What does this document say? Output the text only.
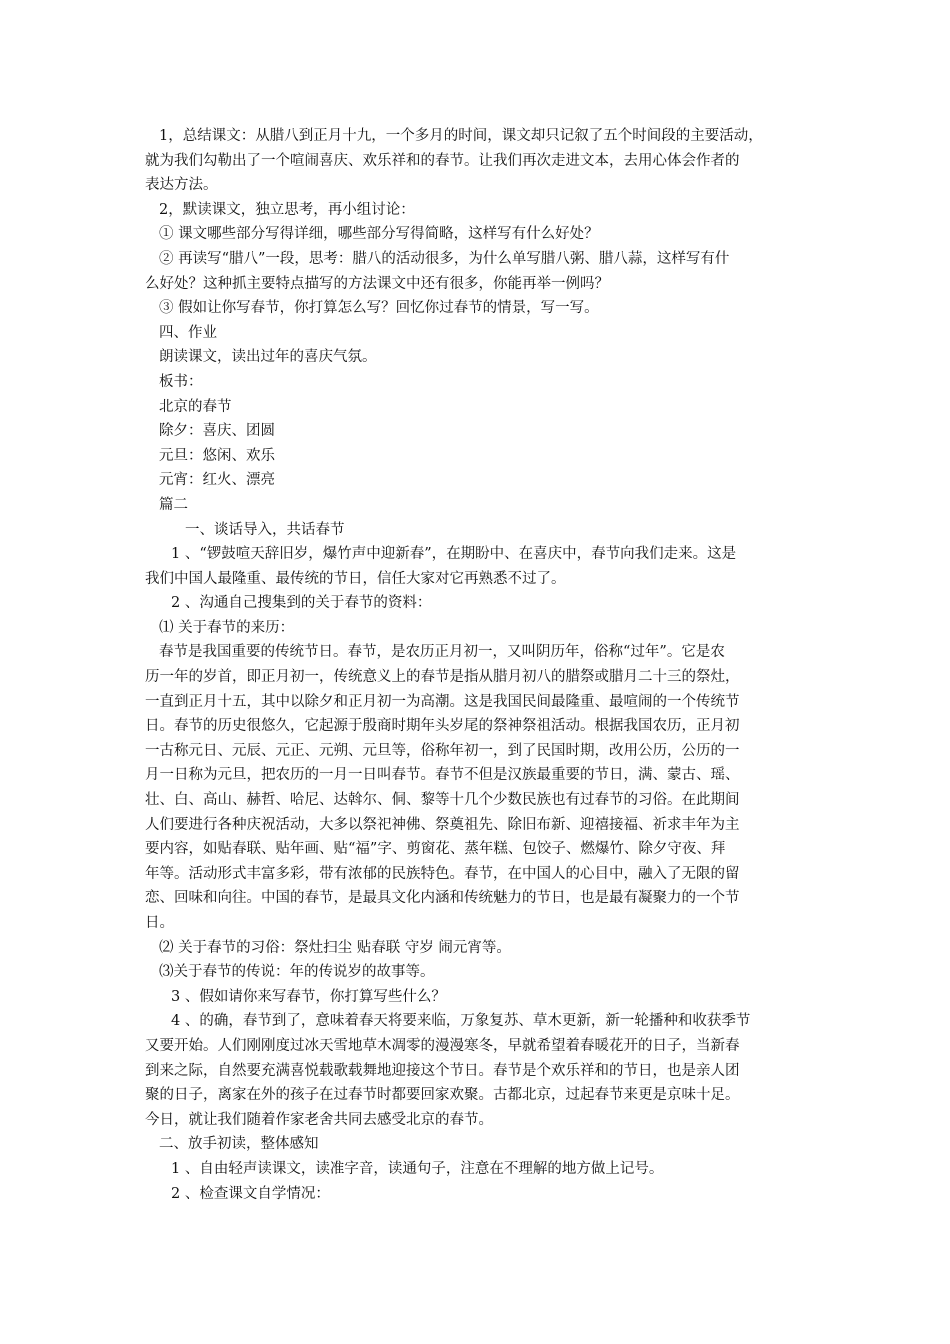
1，总结课文：从腊八到正月十九，一个多月的时间，课文却只记叙了五个时间段的主要活动，
就为我们勾勒出了一个喧闹喜庆、欢乐祥和的春节。让我们再次走进文本，去用心体会作者的
表达方法。
2，默读课文，独立思考，再小组讨论：
① 课文哪些部分写得详细，哪些部分写得简略，这样写有什么好处？
② 再读写“腊八”一段，思考：腊八的活动很多，为什么单写腊八粥、腊八蒜，这样写有什
么好处？这种抓主要特点描写的方法课文中还有很多，你能再举一例吗？
③ 假如让你写春节，你打算怎么写？回忆你过春节的情景，写一写。
四、作业
朗读课文，读出过年的喜庆气氛。
板书：
北京的春节
除夕：喜庆、团圆
元旦：悠闲、欢乐
元宵：红火、漂亮
篇二
一、谈话导入，共话春节
1 、“锣鼓喧天辞旧岁，爆竹声中迎新春”，在期盼中、在喜庆中，春节向我们走来。这是
我们中国人最隆重、最传统的节日，信任大家对它再熟悉不过了。
2 、沟通自己搜集到的关于春节的资料：
⑴ 关于春节的来历：
春节是我国重要的传统节日。春节，是农历正月初一，又叫阴历年，俗称“过年”。它是农
历一年的岁首，即正月初一，传统意义上的春节是指从腊月初八的腊祭或腊月二十三的祭灶，
一直到正月十五，其中以除夕和正月初一为高潮。这是我国民间最隆重、最喧闹的一个传统节
日。春节的历史很悠久，它起源于殷商时期年头岁尾的祭神祭祖活动。根据我国农历，正月初
一古称元日、元辰、元正、元朔、元旦等，俗称年初一，到了民国时期，改用公历，公历的一
月一日称为元旦，把农历的一月一日叫春节。春节不但是汉族最重要的节日，满、蒙古、瑶、
壮、白、高山、赫哲、哈尼、达斡尔、侗、黎等十几个少数民族也有过春节的习俗。在此期间
人们要进行各种庆祝活动，大多以祭祀神佛、祭奠祖先、除旧布新、迎禧接福、祈求丰年为主
要内容，如贴春联、贴年画、贴“福”字、剪窗花、蒸年糕、包饺子、燃爆竹、除夕守夜、拜
年等。活动形式丰富多彩，带有浓郁的民族特色。春节，在中国人的心目中，融入了无限的留
恋、回味和向往。中国的春节，是最具文化内涵和传统魅力的节日，也是最有凝聚力的一个节
日。
⑵ 关于春节的习俗：祭灶扫尘 贴春联 守岁 闹元宵等。
⑶关于春节的传说：年的传说岁的故事等。
3 、假如请你来写春节，你打算写些什么？
4 、的确，春节到了，意味着春天将要来临，万象复苏、草木更新，新一轮播种和收获季节
又要开始。人们刚刚度过冰天雪地草木凋零的漫漫寒冬，早就希望着春暖花开的日子，当新春
到来之际，自然要充满喜悦载歌载舞地迎接这个节日。春节是个欢乐祥和的节日，也是亲人团
聚的日子，离家在外的孩子在过春节时都要回家欢聚。古都北京，过起春节来更是京味十足。
今日，就让我们随着作家老舍共同去感受北京的春节。
二、放手初读，整体感知
1 、自由轻声读课文，读准字音，读通句子，注意在不理解的地方做上记号。
2 、检查课文自学情况：
